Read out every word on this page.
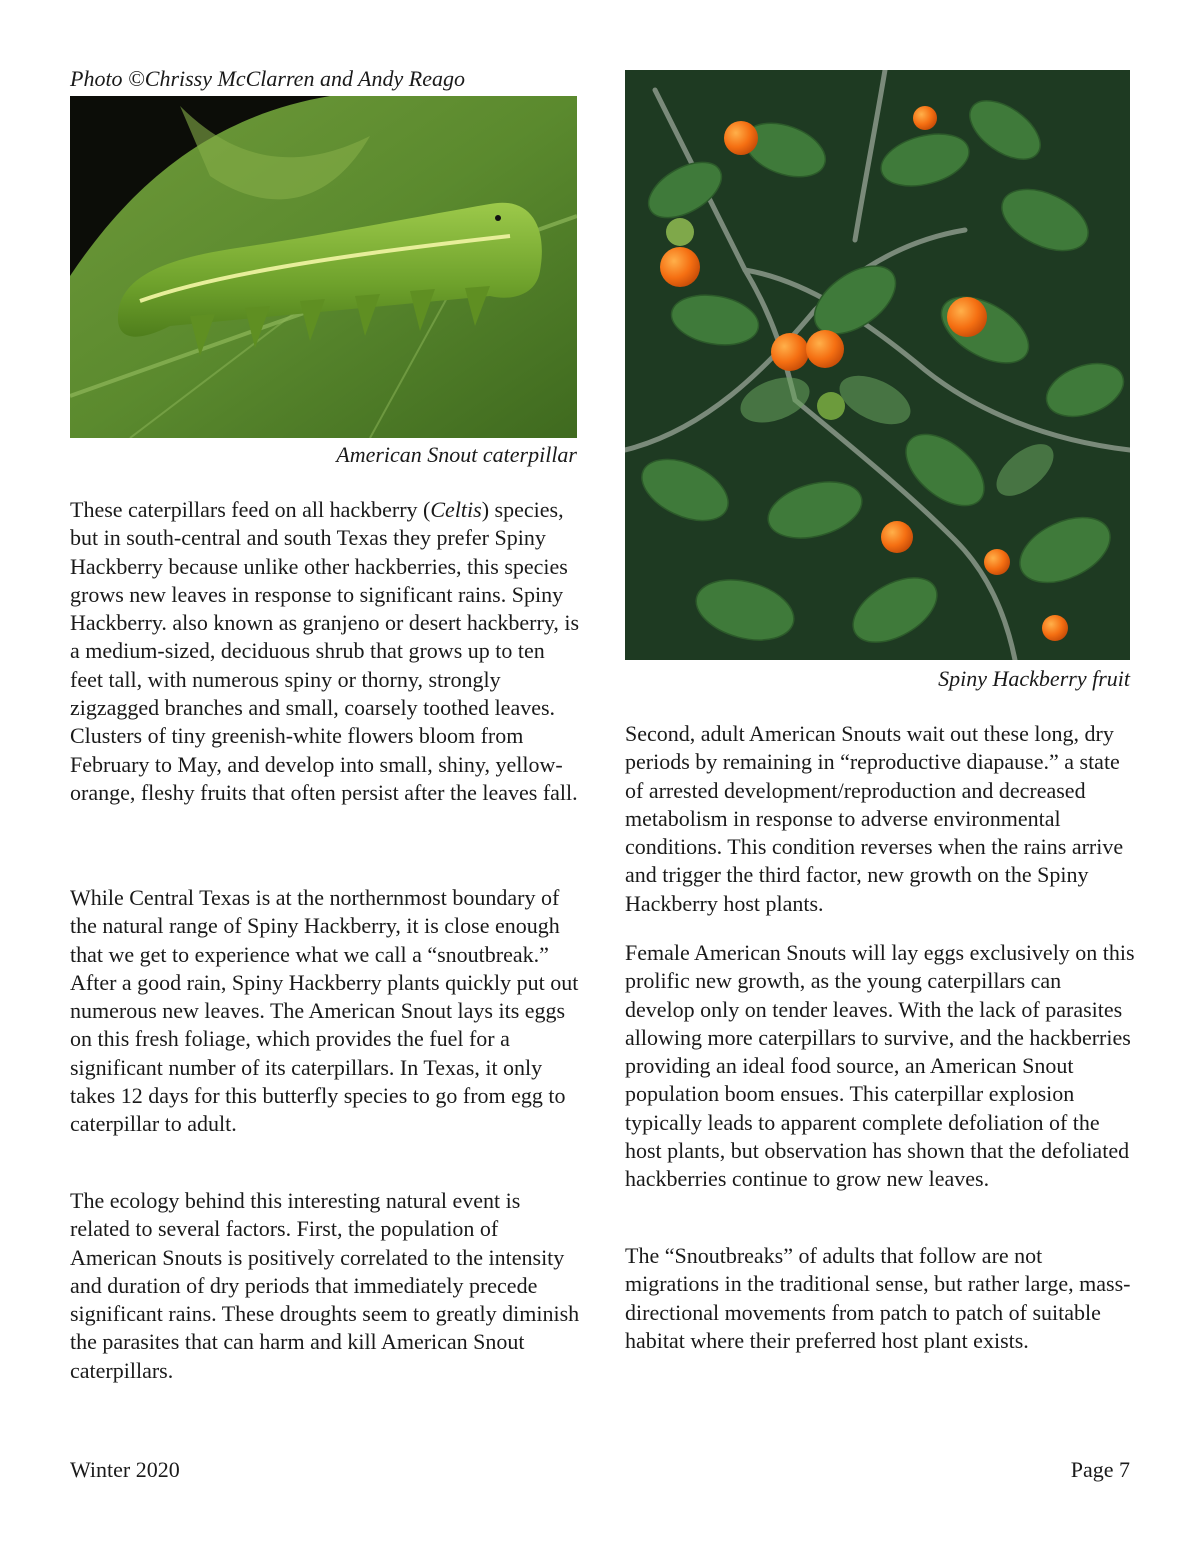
Photo ©Chrissy McClarren and Andy Reago

American Snout caterpillar

These caterpillars feed on all hackberry (Celtis) species, but in south-central and south Texas they prefer Spiny Hackberry because unlike other hackberries, this species grows new leaves in response to significant rains. Spiny Hackberry. also known as granjeno or desert hackberry, is a medium-sized, deciduous shrub that grows up to ten feet tall, with numerous spiny or thorny, strongly zigzagged branches and small, coarsely toothed leaves. Clusters of tiny greenish-white flowers bloom from February to May, and develop into small, shiny, yellow-orange, fleshy fruits that often persist after the leaves fall.

While Central Texas is at the northernmost boundary of the natural range of Spiny Hackberry, it is close enough that we get to experience what we call a “snoutbreak.” After a good rain, Spiny Hackberry plants quickly put out numerous new leaves. The American Snout lays its eggs on this fresh foliage, which provides the fuel for a significant number of its caterpillars. In Texas, it only takes 12 days for this butterfly species to go from egg to caterpillar to adult.

The ecology behind this interesting natural event is related to several factors. First, the population of American Snouts is positively correlated to the intensity and duration of dry periods that immediately precede significant rains. These droughts seem to greatly diminish the parasites that can harm and kill American Snout caterpillars.

Spiny Hackberry fruit

Second, adult American Snouts wait out these long, dry periods by remaining in “reproductive diapause.” a state of arrested development/reproduction and decreased metabolism in response to adverse environmental conditions. This condition reverses when the rains arrive and trigger the third factor, new growth on the Spiny Hackberry host plants.

Female American Snouts will lay eggs exclusively on this prolific new growth, as the young caterpillars can develop only on tender leaves. With the lack of parasites allowing more caterpillars to survive, and the hackberries providing an ideal food source, an American Snout population boom ensues. This caterpillar explosion typically leads to apparent complete defoliation of the host plants, but observation has shown that the defoliated hackberries continue to grow new leaves.

The “Snoutbreaks” of adults that follow are not migrations in the traditional sense, but rather large, mass-directional movements from patch to patch of suitable habitat where their preferred host plant exists.

Winter 2020	Page 7
